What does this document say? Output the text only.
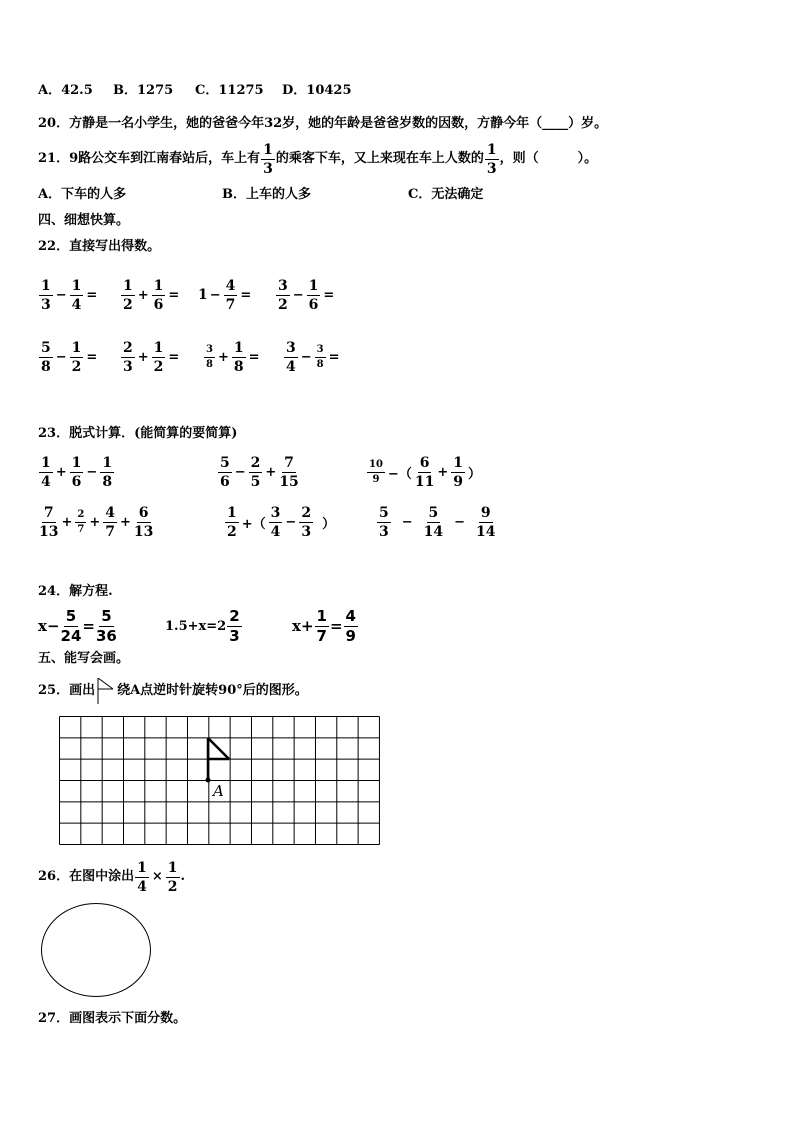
A．42.5 B．1275 C．11275 D．10425
20．方静是一名小学生，她的爸爸今年32岁，她的年龄是爸爸岁数的因数，方静今年（____）岁。
21．9路公交车到江南春站后，车上有 $\frac{1}{3}$ 的乘客下车，又上来现在车上人数的 $\frac{1}{3}$ ，则（　　　）。
A．下车的人多	B．上车的人多	C．无法确定
四、细想快算。
22．直接写出得数。
$\frac{1}{3} - \frac{1}{4} = \frac{1}{2} + \frac{1}{6} = 1 - \frac{4}{7} = \frac{3}{2} - \frac{1}{6}$ =
$\frac{5}{8} - \frac{1}{2} = \frac{2}{3} + \frac{1}{2} = \frac{3}{8} + \frac{1}{8} = \frac{3}{4} - \frac{3}{8}$ =
23．脱式计算．(能简算的要简算)
$\frac{1}{4} + \frac{1}{6} - \frac{1}{8}$	$\frac{5}{6} - \frac{2}{5} + \frac{7}{15}$	$\frac{10}{9}$ −（ $\frac{6}{11} + \frac{1}{9}$ ）
$\frac{7}{13} + \frac{2}{7} + \frac{4}{7} + \frac{6}{13}$	$\frac{1}{2}$ +（ $\frac{3}{4} - \frac{2}{3}$ ）	$\frac{5}{3} - \frac{5}{14} - \frac{9}{14}$
24．解方程.
$x- \frac{5}{24} = \frac{5}{36}$	$1.5+x=2 \frac{2}{3}$	$x+ \frac{1}{7} = \frac{4}{9}$
五、能写会画。
25．画出 绕A点逆时针旋转90°后的图形。
A
26．在图中涂出 $\frac{1}{4} \times \frac{1}{2}$ .
27．画图表示下面分数。
